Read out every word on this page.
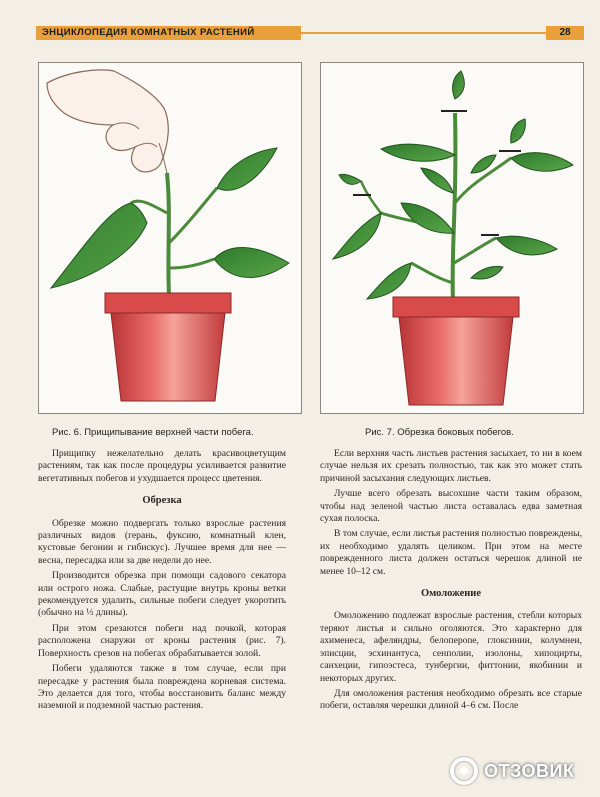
ЭНЦИКЛОПЕДИЯ КОМНАТНЫХ РАСТЕНИЙ	28
Рис. 6. Прищипывание верхней части побега.	Рис. 7. Обрезка боковых побегов.

Прищипку нежелательно делать красивоцветущим растениям, так как после процедуры усиливается развитие вегетативных побегов и ухудшается процесс цветения.

Обрезка

Обрезке можно подвергать только взрослые растения различных видов (герань, фуксию, комнатный клен, кустовые бегонии и гибискус). Лучшее время для нее — весна, пересадка или за две недели до нее.

Производится обрезка при помощи садового секатора или острого ножа. Слабые, растущие внутрь кроны ветки рекомендуется удалить, сильные побеги следует укоротить (обычно на ⅓ длины).

При этом срезаются побеги над почкой, которая расположена снаружи от кроны растения (рис. 7). Поверхность срезов на побегах обрабатывается золой.

Побеги удаляются также в том случае, если при пересадке у растения была повреждена корневая система. Это делается для того, чтобы восстановить баланс между наземной и подземной частью растения.

Если верхняя часть листьев растения засыхает, то ни в коем случае нельзя их срезать полностью, так как это может стать причиной засыхания следующих листьев.

Лучше всего обрезать высохшие части таким образом, чтобы над зеленой частью листа оставалась едва заметная сухая полоска.

В том случае, если листья растения полностью повреждены, их необходимо удалять целиком. При этом на месте поврежденного листа должен остаться черешок длиной не менее 10–12 см.

Омоложение

Омоложению подлежат взрослые растения, стебли которых теряют листья и сильно оголяются. Это характерно для ахименеса, афеляндры, белоперone, глоксинии, колумнеи, эписции, эсхинантуса, сенполии, изолоны, хипоцирты, санхеции, гипоэстеса, тунбергии, фиттонии, якобинии и некоторых других.

Для омоложения растения необходимо обрезать все старые побеги, оставляя черешки длиной 4–6 см. После

ОТЗОВИК
